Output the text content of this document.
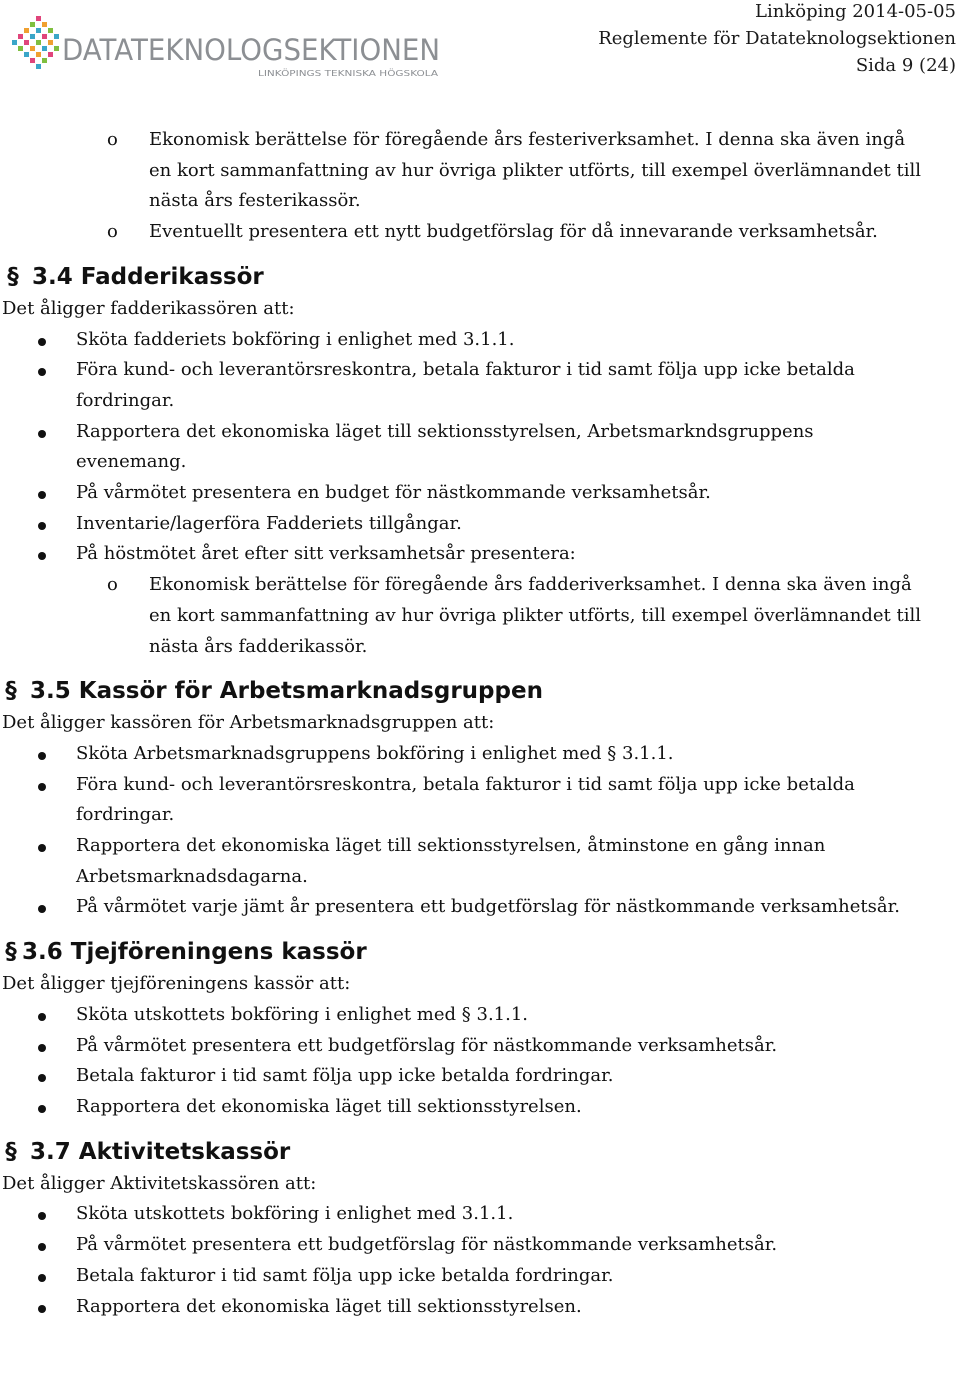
DATATEKNOLOGSEKTIONEN
LINKÖPINGS TEKNISKA HÖGSKOLA
Linköping 2014-05-05
Reglemente för Datateknologsektionen
Sida 9 (24)
o Ekonomisk berättelse för föregående års festeriverksamhet. I denna ska även ingå
en kort sammanfattning av hur övriga plikter utförts, till exempel överlämnandet till
nästa års festerikassör.
o Eventuellt presentera ett nytt budgetförslag för då innevarande verksamhetsår.
§ 3.4 Fadderikassör
Det åligger fadderikassören att:
Sköta fadderiets bokföring i enlighet med 3.1.1.
Föra kund- och leverantörsreskontra, betala fakturor i tid samt följa upp icke betalda
fordringar.
Rapportera det ekonomiska läget till sektionsstyrelsen, Arbetsmarkndsgruppens
evenemang.
På vårmötet presentera en budget för nästkommande verksamhetsår.
Inventarie/lagerföra Fadderiets tillgångar.
På höstmötet året efter sitt verksamhetsår presentera:
o Ekonomisk berättelse för föregående års fadderiverksamhet. I denna ska även ingå
en kort sammanfattning av hur övriga plikter utförts, till exempel överlämnandet till
nästa års fadderikassör.
§ 3.5 Kassör för Arbetsmarknadsgruppen
Det åligger kassören för Arbetsmarknadsgruppen att:
Sköta Arbetsmarknadsgruppens bokföring i enlighet med § 3.1.1.
Föra kund- och leverantörsreskontra, betala fakturor i tid samt följa upp icke betalda
fordringar.
Rapportera det ekonomiska läget till sektionsstyrelsen, åtminstone en gång innan
Arbetsmarknadsdagarna.
På vårmötet varje jämt år presentera ett budgetförslag för nästkommande verksamhetsår.
§ 3.6 Tjejföreningens kassör
Det åligger tjejföreningens kassör att:
Sköta utskottets bokföring i enlighet med § 3.1.1.
På vårmötet presentera ett budgetförslag för nästkommande verksamhetsår.
Betala fakturor i tid samt följa upp icke betalda fordringar.
Rapportera det ekonomiska läget till sektionsstyrelsen.
§ 3.7 Aktivitetskassör
Det åligger Aktivitetskassören att:
Sköta utskottets bokföring i enlighet med 3.1.1.
På vårmötet presentera ett budgetförslag för nästkommande verksamhetsår.
Betala fakturor i tid samt följa upp icke betalda fordringar.
Rapportera det ekonomiska läget till sektionsstyrelsen.
